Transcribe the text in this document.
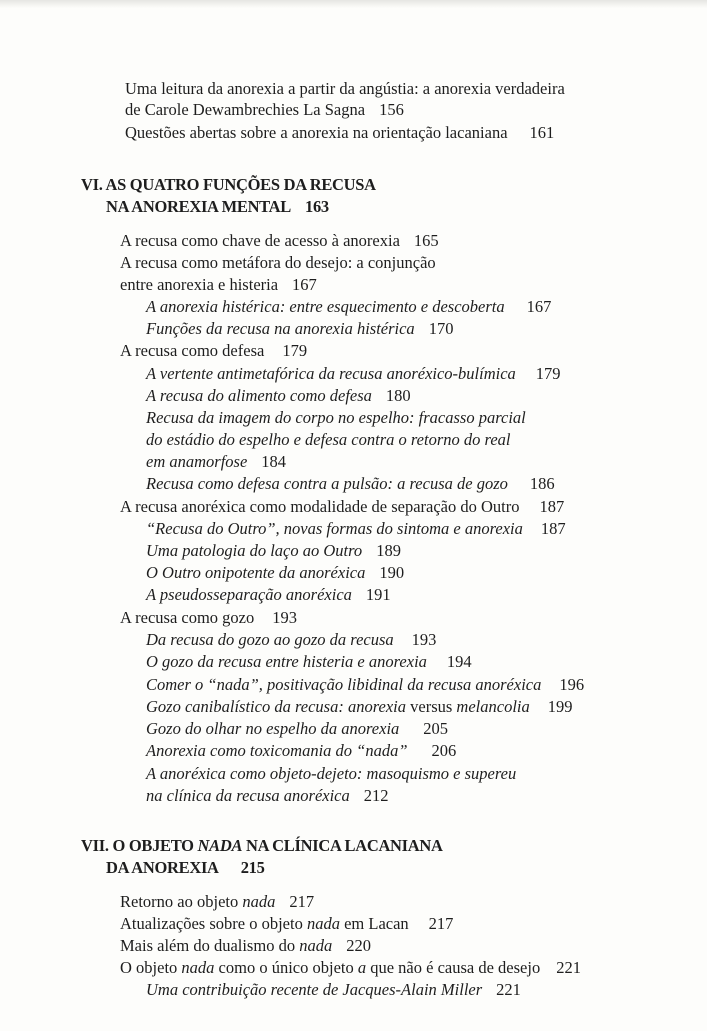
Uma leitura da anorexia a partir da angústia: a anorexia verdadeira
de Carole Dewambrechies La Sagna 156
Questões abertas sobre a anorexia na orientação lacaniana 161
VI. AS QUATRO FUNÇÕES DA RECUSA
NA ANOREXIA MENTAL 163
A recusa como chave de acesso à anorexia 165
A recusa como metáfora do desejo: a conjunção
entre anorexia e histeria 167
A anorexia histérica: entre esquecimento e descoberta 167
Funções da recusa na anorexia histérica 170
A recusa como defesa 179
A vertente antimetafórica da recusa anoréxico-bulímica 179
A recusa do alimento como defesa 180
Recusa da imagem do corpo no espelho: fracasso parcial
do estádio do espelho e defesa contra o retorno do real
em anamorfose 184
Recusa como defesa contra a pulsão: a recusa de gozo 186
A recusa anoréxica como modalidade de separação do Outro 187
“Recusa do Outro”, novas formas do sintoma e anorexia 187
Uma patologia do laço ao Outro 189
O Outro onipotente da anoréxica 190
A pseudosseparação anoréxica 191
A recusa como gozo 193
Da recusa do gozo ao gozo da recusa 193
O gozo da recusa entre histeria e anorexia 194
Comer o “nada”, positivação libidinal da recusa anoréxica 196
Gozo canibalístico da recusa: anorexia versus melancolia 199
Gozo do olhar no espelho da anorexia 205
Anorexia como toxicomania do “nada” 206
A anoréxica como objeto-dejeto: masoquismo e supereu
na clínica da recusa anoréxica 212
VII. O OBJETO NADA NA CLÍNICA LACANIANA
DA ANOREXIA 215
Retorno ao objeto nada 217
Atualizações sobre o objeto nada em Lacan 217
Mais além do dualismo do nada 220
O objeto nada como o único objeto a que não é causa de desejo 221
Uma contribuição recente de Jacques-Alain Miller 221
